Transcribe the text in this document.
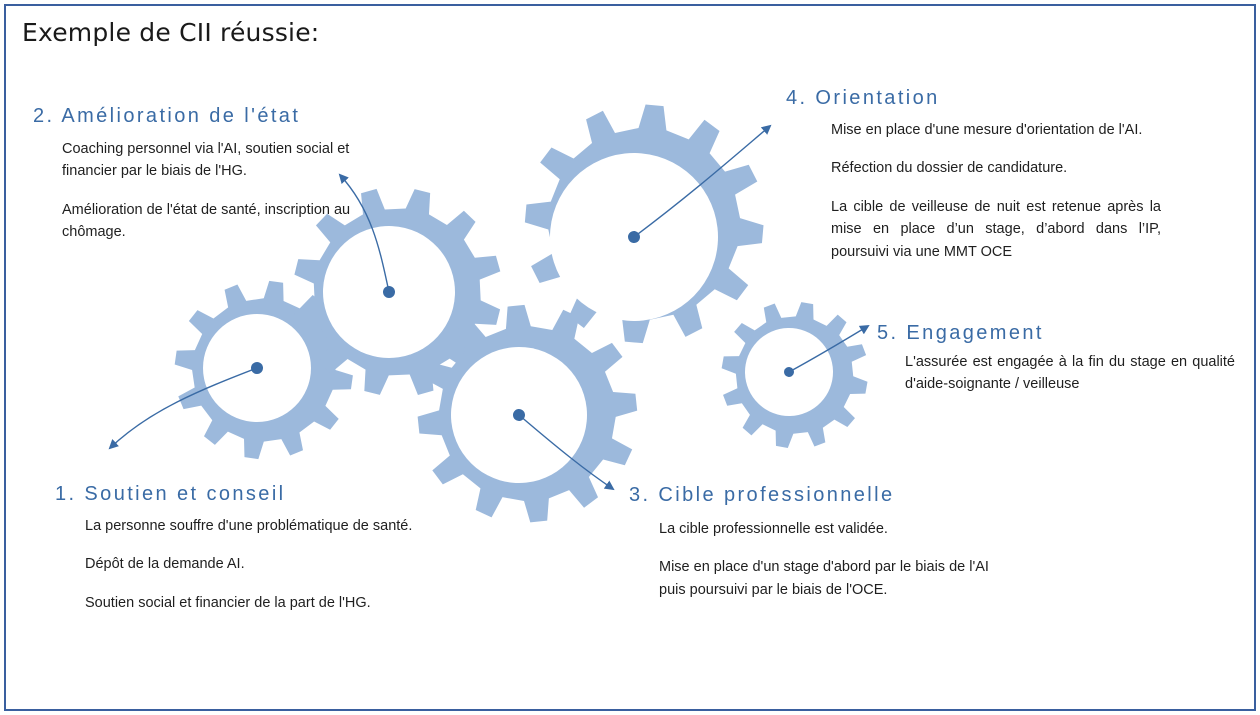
Exemple de CII réussie:
2. Amélioration de l'état

Coaching personnel via l'AI, soutien social et financier par le biais de l'HG.

Amélioration de l'état de santé, inscription au chômage.

4. Orientation

Mise en place d'une mesure d'orientation de l'AI.

Réfection du dossier de candidature.

La cible de veilleuse de nuit est retenue après la mise en place d’un stage, d’abord dans l’IP, poursuivi via une MMT OCE

5. Engagement

L'assurée est engagée à la fin du stage en qualité d'aide-soignante / veilleuse

1. Soutien et conseil

La personne souffre d'une problématique de santé.

Dépôt de la demande AI.

Soutien social et financier de la part de l'HG.

3. Cible professionnelle

La cible professionnelle est validée.

Mise en place d'un stage d'abord par le biais de l'AI puis poursuivi par le biais de l'OCE.
